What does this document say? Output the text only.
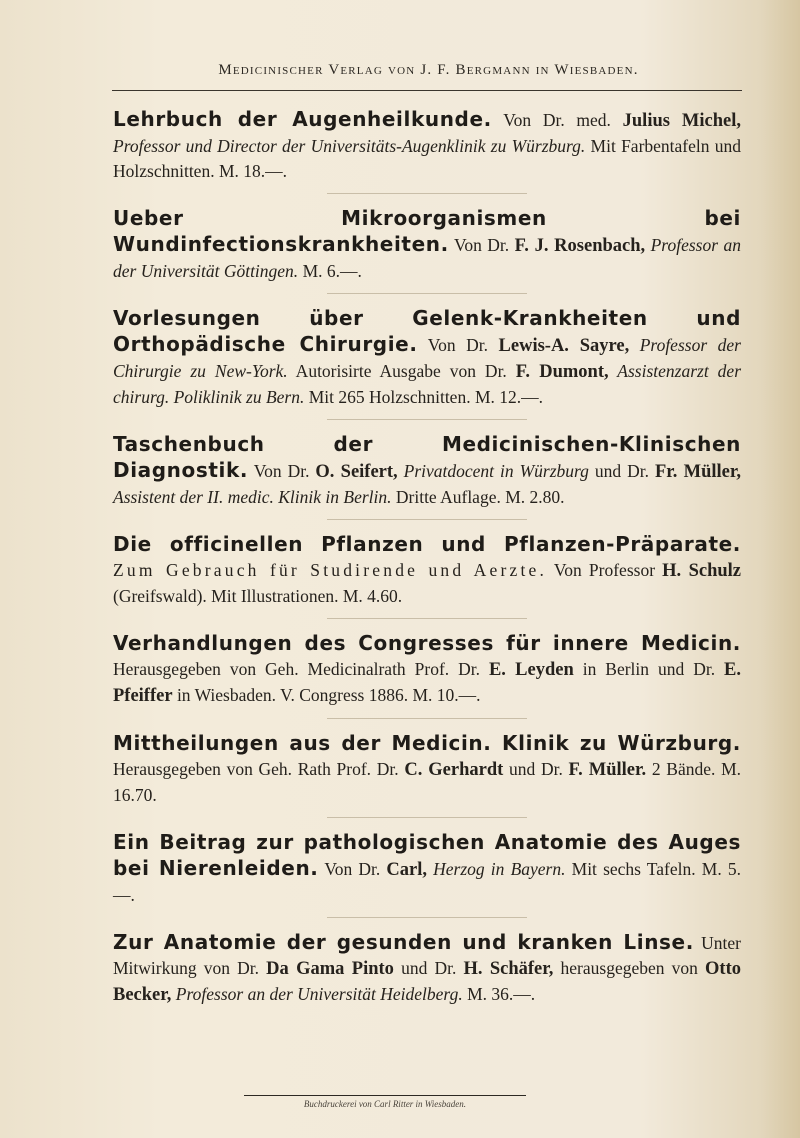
Medicinischer Verlag von J. F. Bergmann in Wiesbaden.
Lehrbuch der Augenheilkunde. Von Dr. med. Julius Michel, Professor und Director der Universitäts-Augenklinik zu Würzburg. Mit Farbentafeln und Holzschnitten. M. 18.—.
Ueber Mikroorganismen bei Wundinfectionskrankheiten. Von Dr. F. J. Rosenbach, Professor an der Universität Göttingen. M. 6.—.
Vorlesungen über Gelenk-Krankheiten und Orthopädische Chirurgie. Von Dr. Lewis-A. Sayre, Professor der Chirurgie zu New-York. Autorisirte Ausgabe von Dr. F. Dumont, Assistenzarzt der chirurg. Poliklinik zu Bern. Mit 265 Holzschnitten. M. 12.—.
Taschenbuch der Medicinischen-Klinischen Diagnostik. Von Dr. O. Seifert, Privatdocent in Würzburg und Dr. Fr. Müller, Assistent der II. medic. Klinik in Berlin. Dritte Auflage. M. 2.80.
Die officinellen Pflanzen und Pflanzen-Präparate. Zum Gebrauch für Studirende und Aerzte. Von Professor H. Schulz (Greifswald). Mit Illustrationen. M. 4.60.
Verhandlungen des Congresses für innere Medicin. Herausgegeben von Geh. Medicinalrath Prof. Dr. E. Leyden in Berlin und Dr. E. Pfeiffer in Wiesbaden. V. Congress 1886. M. 10.—.
Mittheilungen aus der Medicin. Klinik zu Würzburg. Herausgegeben von Geh. Rath Prof. Dr. C. Gerhardt und Dr. F. Müller. 2 Bände. M. 16.70.
Ein Beitrag zur pathologischen Anatomie des Auges bei Nierenleiden. Von Dr. Carl, Herzog in Bayern. Mit sechs Tafeln. M. 5.—.
Zur Anatomie der gesunden und kranken Linse. Unter Mitwirkung von Dr. Da Gama Pinto und Dr. H. Schäfer, herausgegeben von Otto Becker, Professor an der Universität Heidelberg. M. 36.—.
Buchdruckerei von Carl Ritter in Wiesbaden.
